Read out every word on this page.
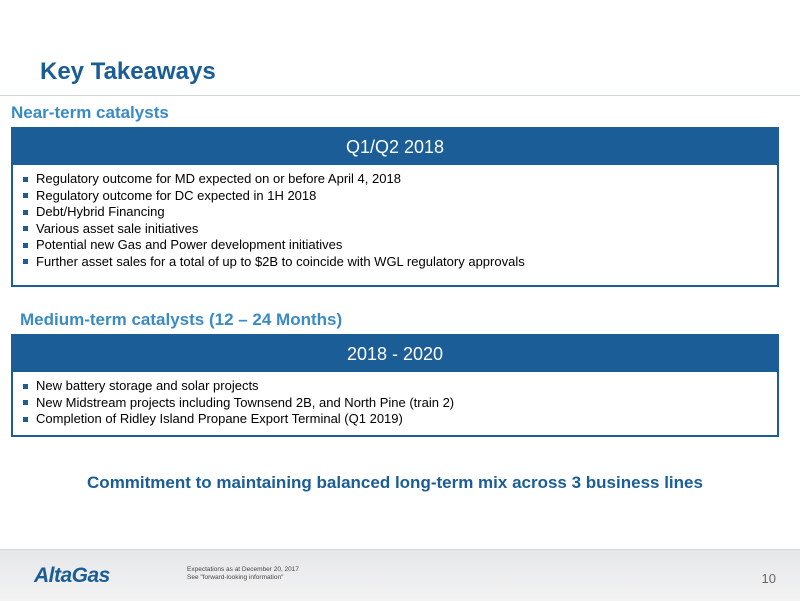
Key Takeaways
Near-term catalysts
Q1/Q2 2018
Regulatory outcome for MD expected on or before April 4, 2018
Regulatory outcome for DC expected in 1H 2018
Debt/Hybrid Financing
Various asset sale initiatives
Potential new Gas and Power development initiatives
Further asset sales for a total of up to $2B to coincide with WGL regulatory approvals
Medium-term catalysts (12 – 24 Months)
2018 - 2020
New battery storage and solar projects
New Midstream projects including Townsend 2B, and North Pine (train 2)
Completion of Ridley Island Propane Export Terminal (Q1 2019)
Commitment to maintaining balanced long-term mix across 3 business lines
AltaGas	Expectations as at December 20, 2017
See "forward-looking information"	10
